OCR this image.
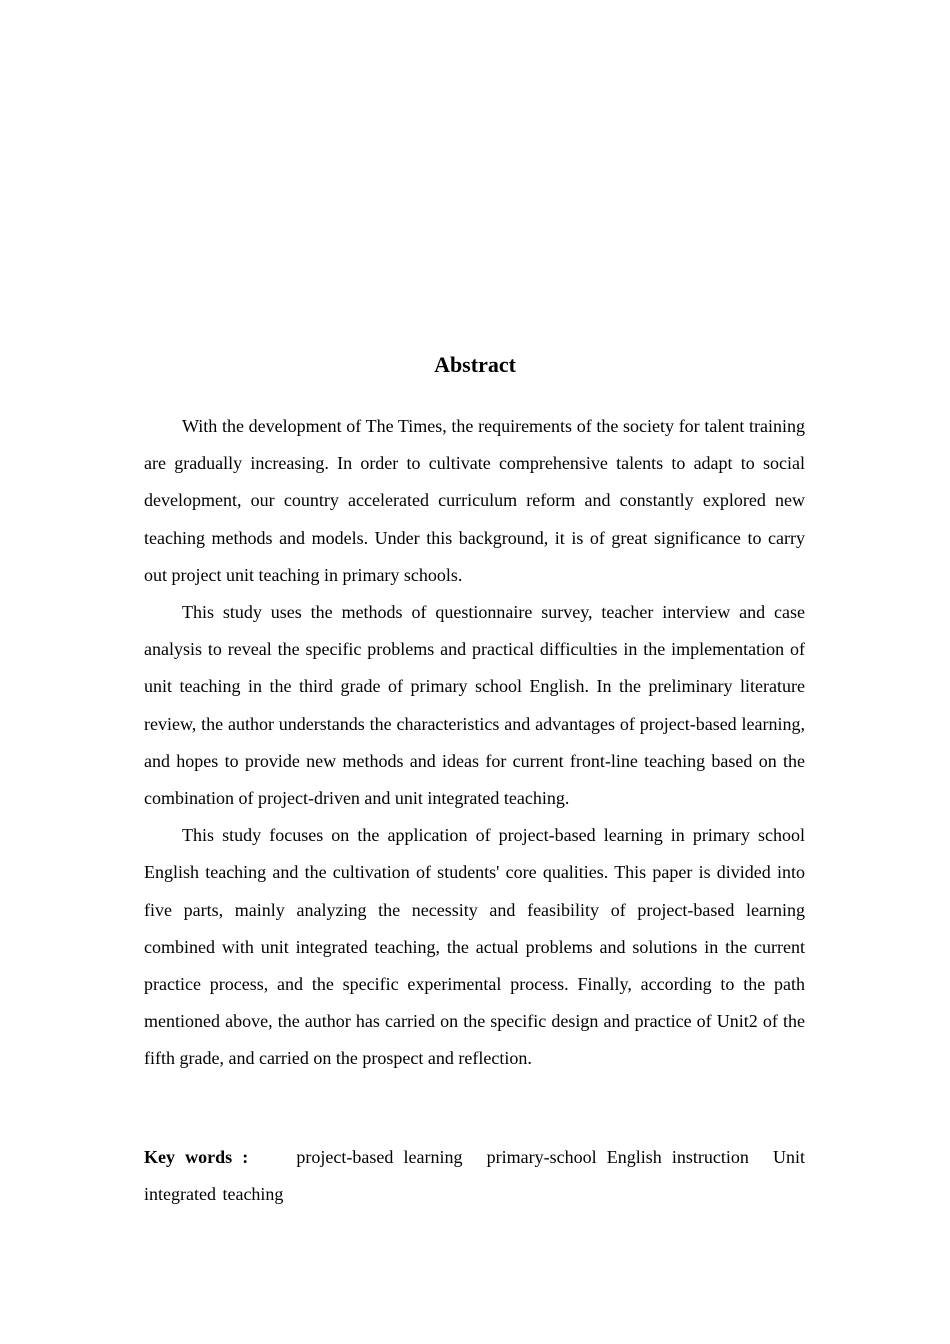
Abstract

With the development of The Times, the requirements of the society for talent training are gradually increasing. In order to cultivate comprehensive talents to adapt to social development, our country accelerated curriculum reform and constantly explored new teaching methods and models. Under this background, it is of great significance to carry out project unit teaching in primary schools.

This study uses the methods of questionnaire survey, teacher interview and case analysis to reveal the specific problems and practical difficulties in the implementation of unit teaching in the third grade of primary school English. In the preliminary literature review, the author understands the characteristics and advantages of project-based learning, and hopes to provide new methods and ideas for current front-line teaching based on the combination of project-driven and unit integrated teaching.

This study focuses on the application of project-based learning in primary school English teaching and the cultivation of students' core qualities. This paper is divided into five parts, mainly analyzing the necessity and feasibility of project-based learning combined with unit integrated teaching, the actual problems and solutions in the current practice process, and the specific experimental process. Finally, according to the path mentioned above, the author has carried on the specific design and practice of Unit2 of the fifth grade, and carried on the prospect and reflection.

Key words :	project-based learning primary-school English instruction Unit integrated teaching
